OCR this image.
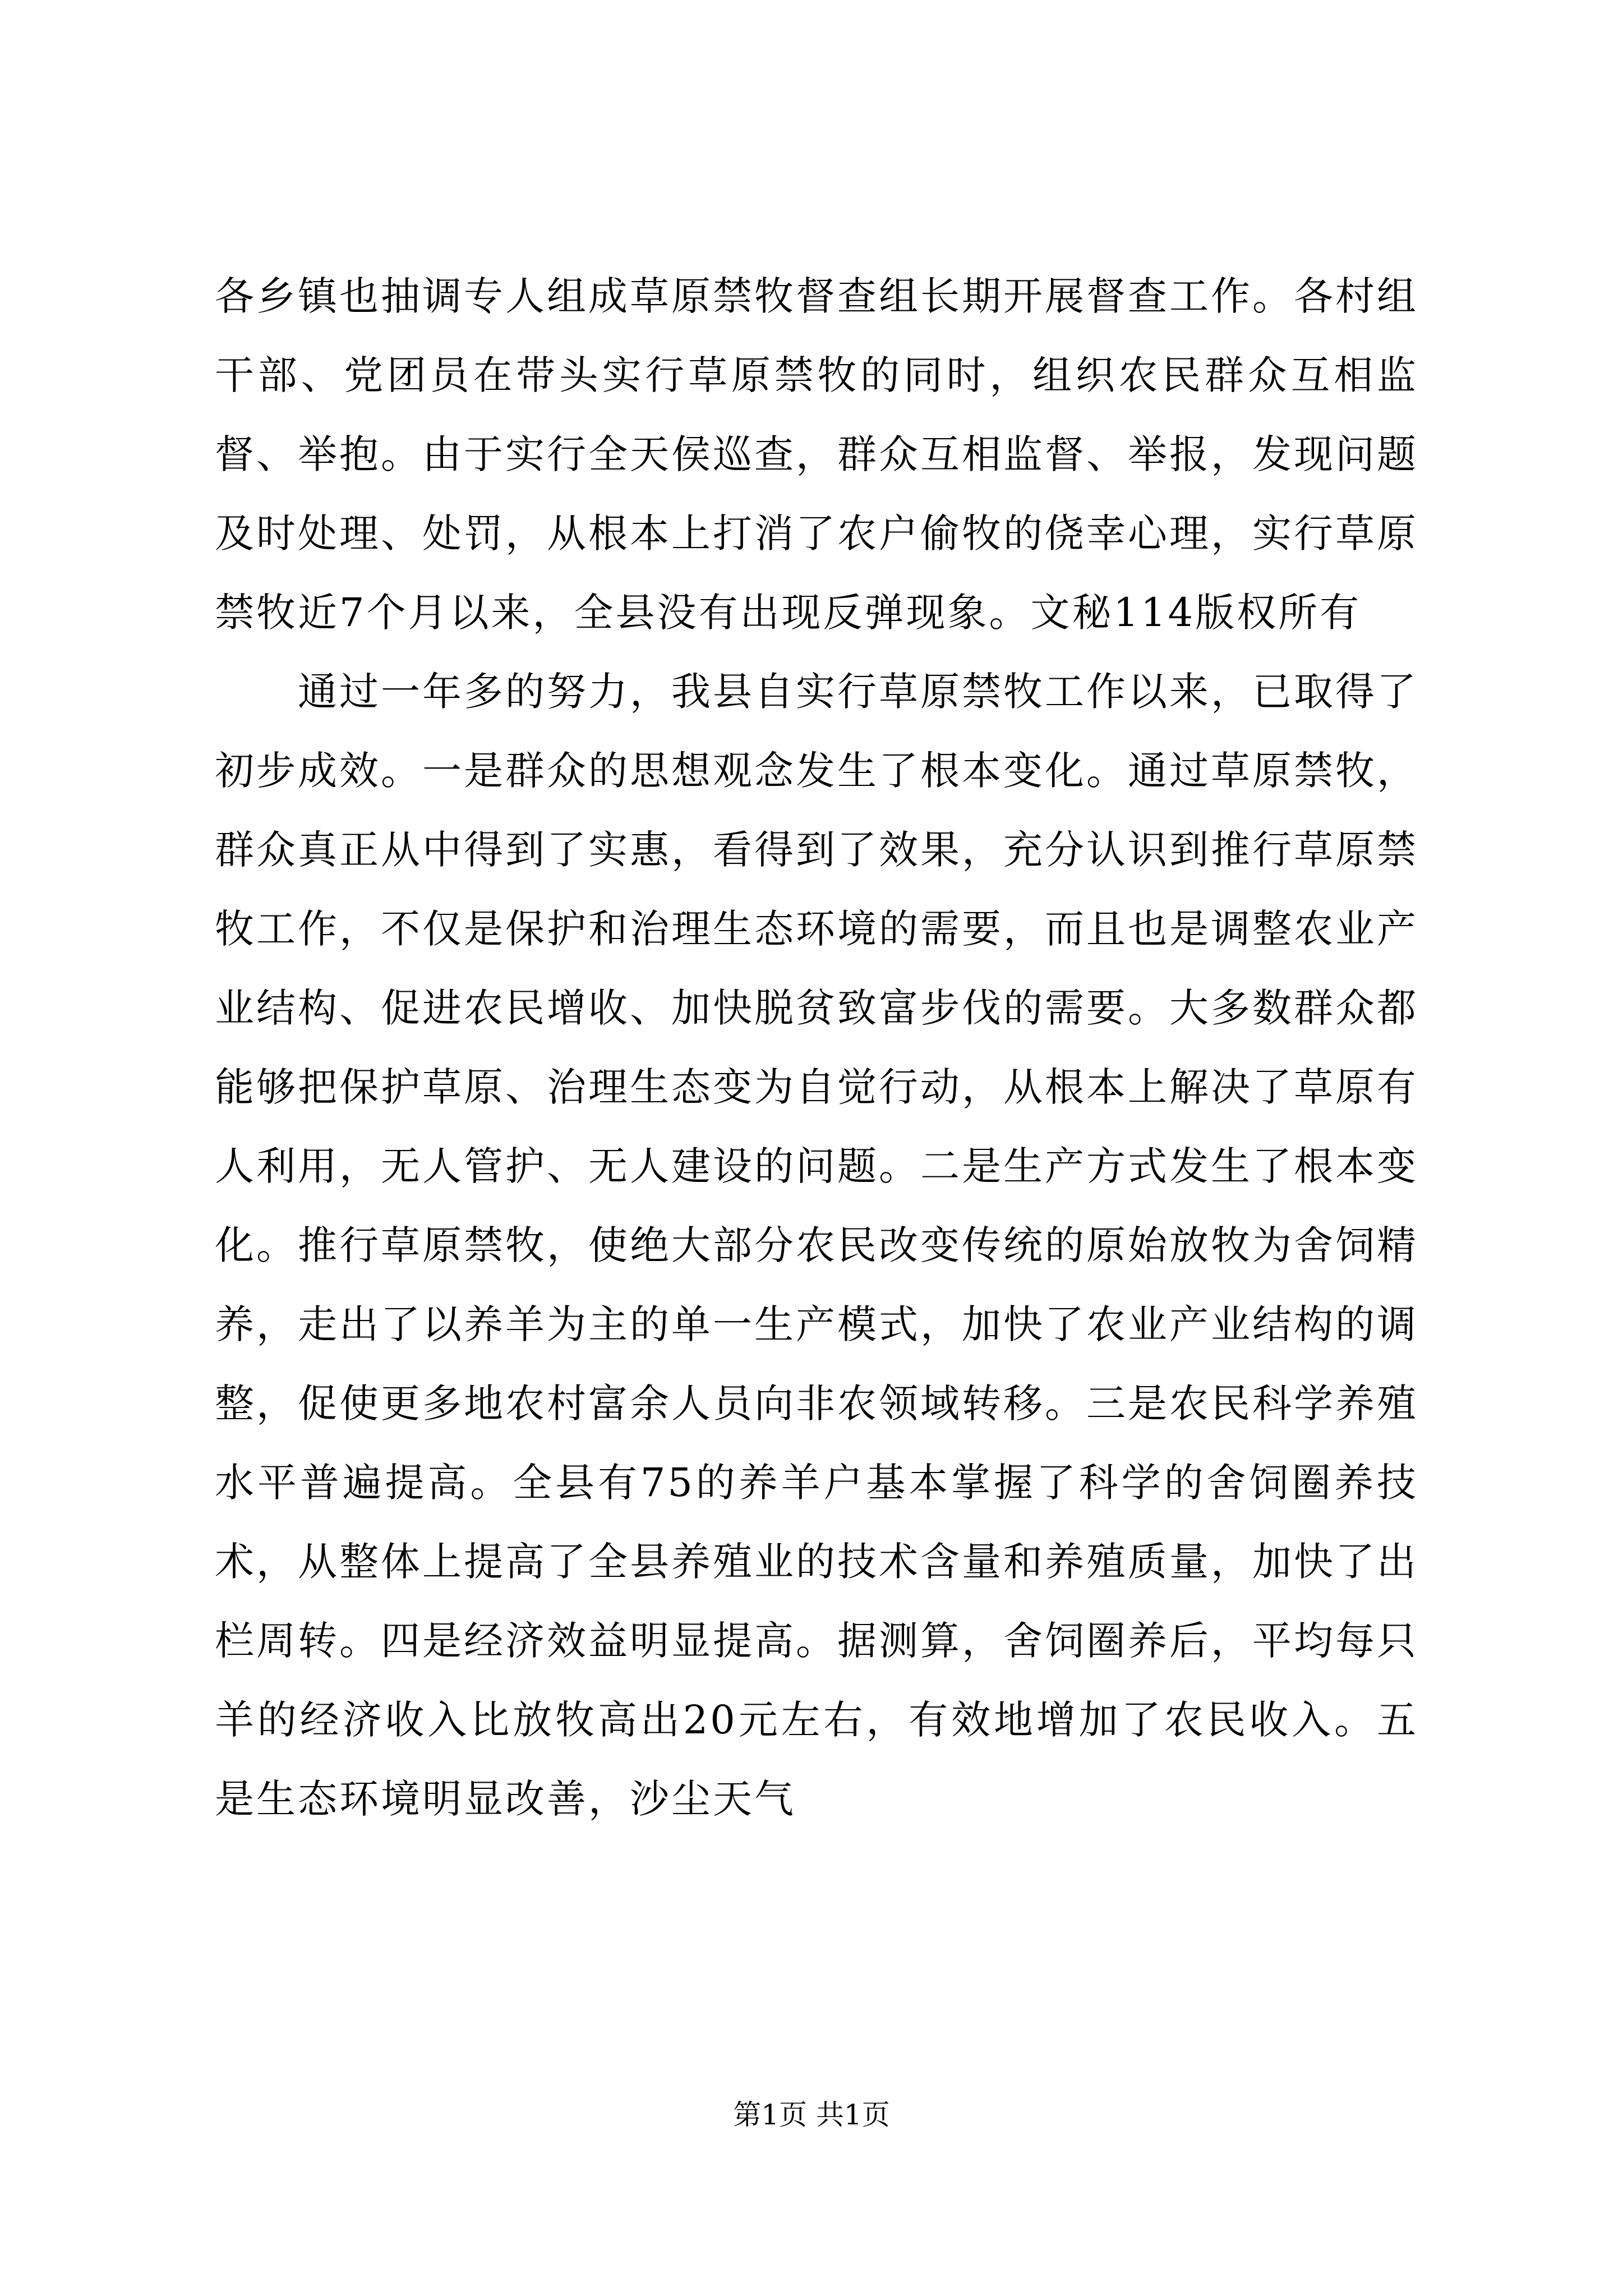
各乡镇也抽调专人组成草原禁牧督查组长期开展督查工作。各村组干部、党团员在带头实行草原禁牧的同时，组织农民群众互相监督、举抱。由于实行全天侯巡查，群众互相监督、举报，发现问题及时处理、处罚，从根本上打消了农户偷牧的侥幸心理，实行草原禁牧近7个月以来，全县没有出现反弹现象。文秘114版权所有

通过一年多的努力，我县自实行草原禁牧工作以来，已取得了初步成效。一是群众的思想观念发生了根本变化。通过草原禁牧，群众真正从中得到了实惠，看得到了效果，充分认识到推行草原禁牧工作，不仅是保护和治理生态环境的需要，而且也是调整农业产业结构、促进农民增收、加快脱贫致富步伐的需要。大多数群众都能够把保护草原、治理生态变为自觉行动，从根本上解决了草原有人利用，无人管护、无人建设的问题。二是生产方式发生了根本变化。推行草原禁牧，使绝大部分农民改变传统的原始放牧为舍饲精养，走出了以养羊为主的单一生产模式，加快了农业产业结构的调整，促使更多地农村富余人员向非农领域转移。三是农民科学养殖水平普遍提高。全县有75的养羊户基本掌握了科学的舍饲圈养技术，从整体上提高了全县养殖业的技术含量和养殖质量，加快了出栏周转。四是经济效益明显提高。据测算，舍饲圈养后，平均每只羊的经济收入比放牧高出20元左右，有效地增加了农民收入。五是生态环境明显改善，沙尘天气

第1页 共1页
